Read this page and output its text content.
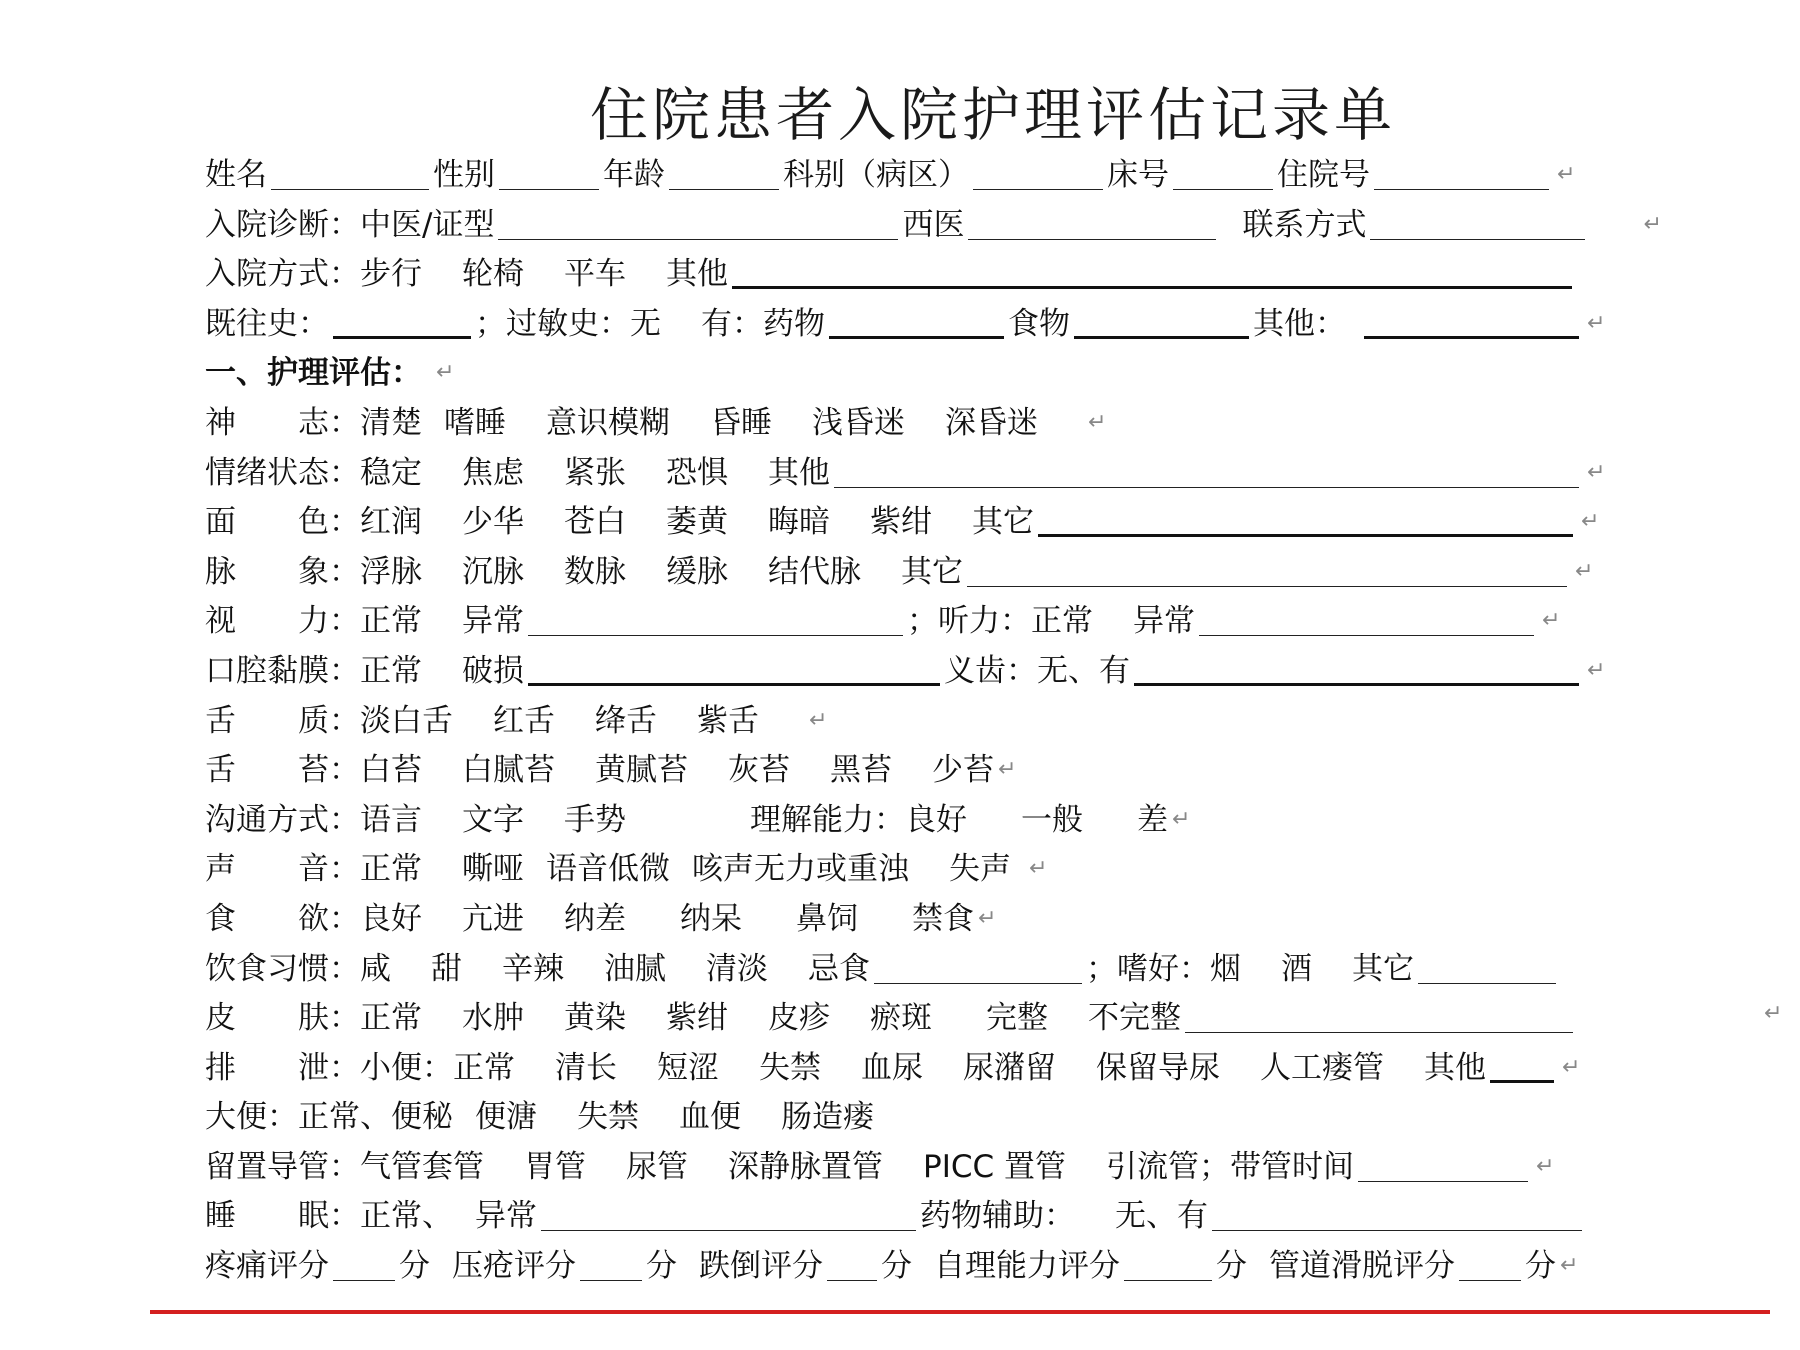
住院患者入院护理评估记录单
姓名	性别	年龄	科别（病区）	床号	住院号	↵
入院诊断：中医/证型	西医	联系方式	↵
入院方式： 步行 轮椅 平车 其他
既往史：	；过敏史： 无 有：药物	食物	其他：	↵
一、护理评估： ↵
神　　志： 清楚 嗜睡 意识模糊 昏睡 浅昏迷 深昏迷 ↵
情绪状态： 稳定 焦虑 紧张 恐惧 其他	↵
面　　色： 红润 少华 苍白 萎黄 晦暗 紫绀 其它	↵
脉　　象： 浮脉 沉脉 数脉 缓脉 结代脉 其它	↵
视　　力： 正常 异常	；听力： 正常 异常	↵
口腔黏膜： 正常 破损	义齿：无、有	↵
舌　　质： 淡白舌 红舌 绛舌 紫舌 ↵
舌　　苔： 白苔 白腻苔 黄腻苔 灰苔 黑苔 少苔 ↵
沟通方式： 语言 文字 手势	理解能力：良好 一般 差 ↵
声　　音： 正常 嘶哑 语音低微 咳声无力或重浊 失声 ↵
食　　欲： 良好 亢进 纳差 纳呆 鼻饲 禁食 ↵
饮食习惯： 咸 甜 辛辣 油腻 清淡 忌食	；嗜好：烟 酒 其它
皮　　肤： 正常 水肿 黄染 紫绀 皮疹 瘀斑 完整 不完整	↵
排　　泄： 小便：正常 清长 短涩 失禁 血尿 尿潴留 保留导尿 人工瘘管 其他	↵
大便：正常、便秘 便溏 失禁 血便 肠造瘘
留置导管： 气管套管 胃管 尿管 深静脉置管 PICC 置管 引流管；带管时间	↵
睡　　眠： 正常、 异常	药物辅助： 无、有
疼痛评分 分 压疮评分 分 跌倒评分 分 自理能力评分	分 管道滑脱评分 分 ↵
